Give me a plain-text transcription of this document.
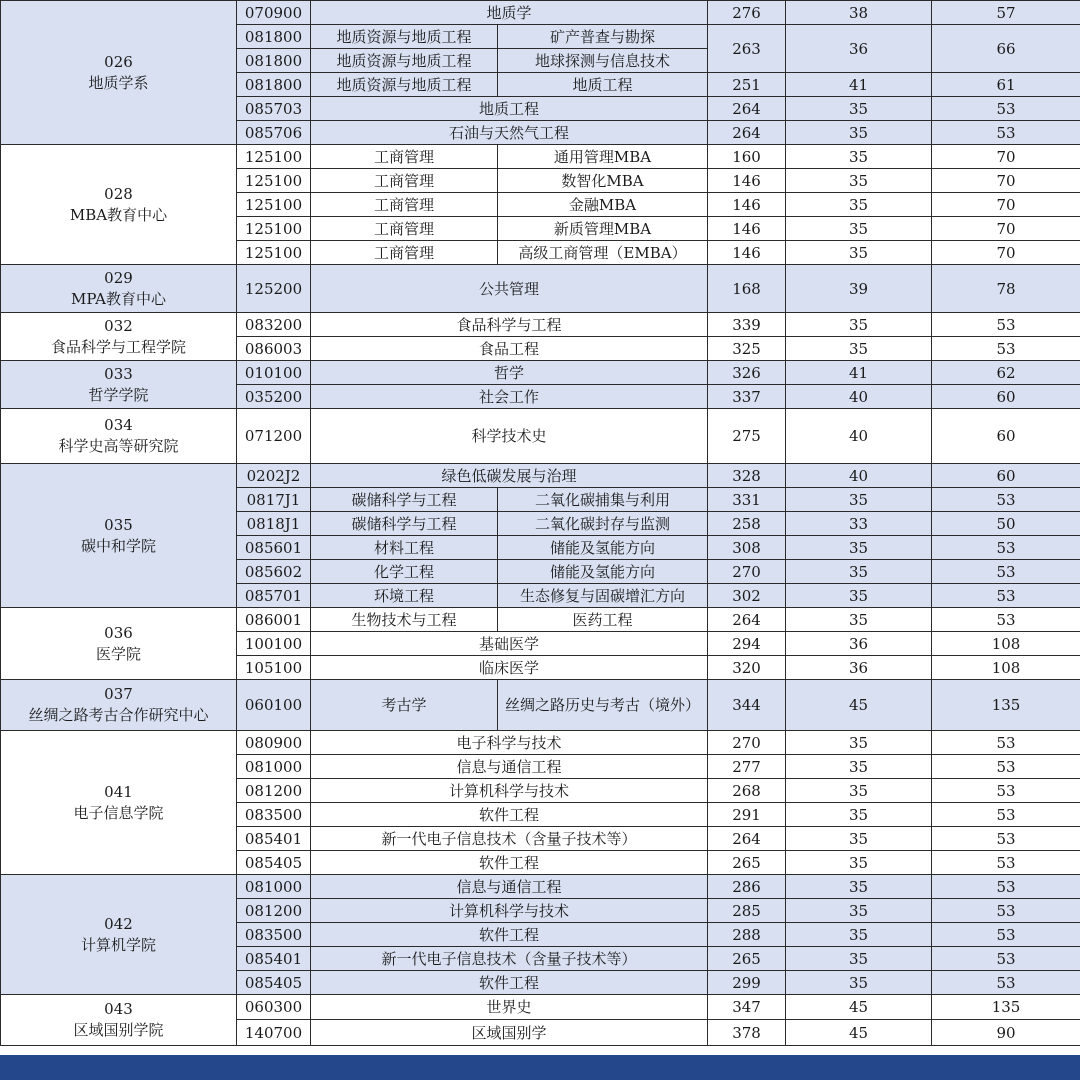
026
地质学系	070900	地质学		276	38	57
	081800	地质资源与地质工程	矿产普查与勘探	263	36	66
	081800	地质资源与地质工程	地球探测与信息技术			
	081800	地质资源与地质工程	地质工程	251	41	61
	085703	地质工程		264	35	53
	085706	石油与天然气工程		264	35	53

028
MBA教育中心	125100	工商管理	通用管理MBA	160	35	70
	125100	工商管理	数智化MBA	146	35	70
	125100	工商管理	金融MBA	146	35	70
	125100	工商管理	新质管理MBA	146	35	70
	125100	工商管理	高级工商管理（EMBA）	146	35	70

029
MPA教育中心	125200	公共管理		168	39	78

032
食品科学与工程学院	083200	食品科学与工程		339	35	53
	086003	食品工程		325	35	53

033
哲学学院	010100	哲学		326	41	62
	035200	社会工作		337	40	60

034
科学史高等研究院	071200	科学技术史		275	40	60

035
碳中和学院	0202J2	绿色低碳发展与治理		328	40	60
	0817J1	碳储科学与工程	二氧化碳捕集与利用	331	35	53
	0818J1	碳储科学与工程	二氧化碳封存与监测	258	33	50
	085601	材料工程	储能及氢能方向	308	35	53
	085602	化学工程	储能及氢能方向	270	35	53
	085701	环境工程	生态修复与固碳增汇方向	302	35	53

036
医学院	086001	生物技术与工程	医药工程	264	35	53
	100100	基础医学		294	36	108
	105100	临床医学		320	36	108

037
丝绸之路考古合作研究中心	060100	考古学	丝绸之路历史与考古（境外）	344	45	135

041
电子信息学院	080900	电子科学与技术		270	35	53
	081000	信息与通信工程		277	35	53
	081200	计算机科学与技术		268	35	53
	083500	软件工程		291	35	53
	085401	新一代电子信息技术（含量子技术等）		264	35	53
	085405	软件工程		265	35	53

042
计算机学院	081000	信息与通信工程		286	35	53
	081200	计算机科学与技术		285	35	53
	083500	软件工程		288	35	53
	085401	新一代电子信息技术（含量子技术等）		265	35	53
	085405	软件工程		299	35	53

043
区域国别学院	060300	世界史		347	45	135
	140700	区域国别学		378	45	90
